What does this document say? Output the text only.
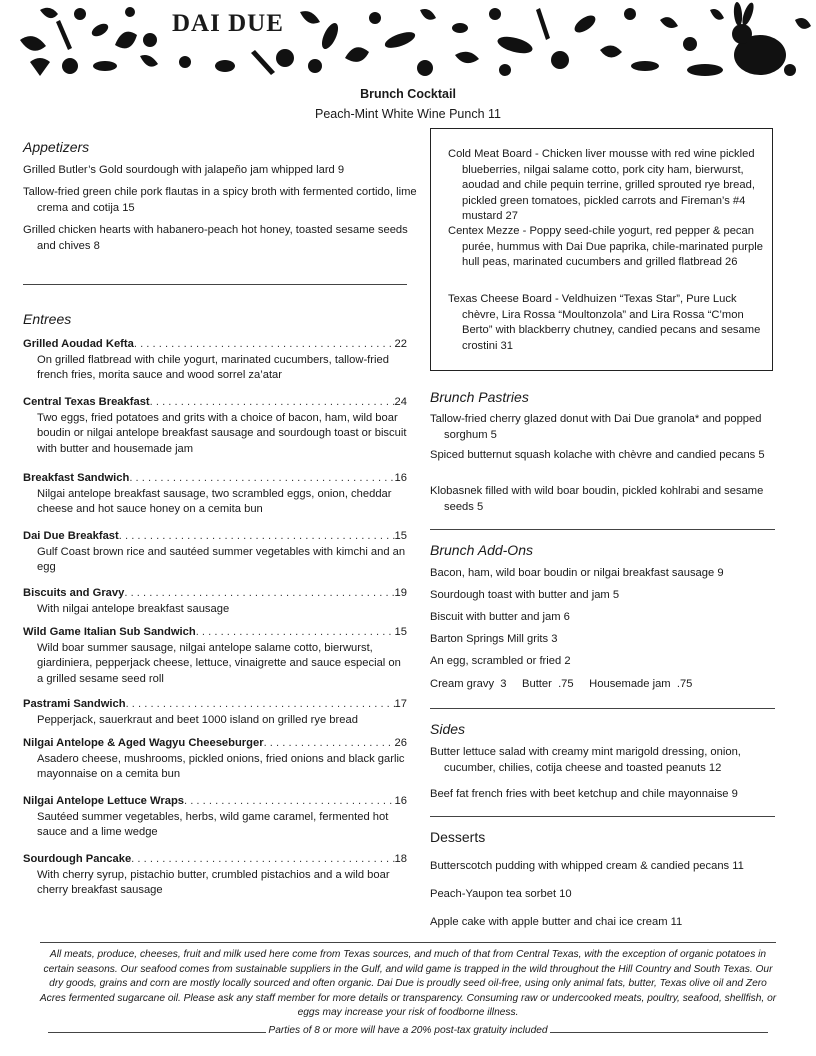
DAI DUE
Brunch Cocktail
Peach-Mint White Wine Punch 11
Appetizers
Grilled Butler’s Gold sourdough with jalapeño jam whipped lard 9
Tallow-fried green chile pork flautas in a spicy broth with fermented cortido, lime crema and cotija 15
Grilled chicken hearts with habanero-peach hot honey, toasted sesame seeds and chives 8
Entrees
Grilled Aoudad Kefta . . .	22
On grilled flatbread with chile yogurt, marinated cucumbers, tallow-fried french fries, morita sauce and wood sorrel za’atar
Central Texas Breakfast . . .	24
Two eggs, fried potatoes and grits with a choice of bacon, ham, wild boar boudin or nilgai antelope breakfast sausage and sourdough toast or biscuit with butter and housemade jam
Breakfast Sandwich . . .	16
Nilgai antelope breakfast sausage, two scrambled eggs, onion, cheddar cheese and hot sauce honey on a cemita bun
Dai Due Breakfast . . .	15
Gulf Coast brown rice and sautéed summer vegetables with kimchi and an egg
Biscuits and Gravy . . .	19
With nilgai antelope breakfast sausage
Wild Game Italian Sub Sandwich . . .	15
Wild boar summer sausage, nilgai antelope salame cotto, bierwurst, giardiniera, pepperjack cheese, lettuce, vinaigrette and sauce especial on a grilled sesame seed roll
Pastrami Sandwich . . .	17
Pepperjack, sauerkraut and beet 1000 island on grilled rye bread
Nilgai Antelope & Aged Wagyu Cheeseburger . . .	26
Asadero cheese, mushrooms, pickled onions, fried onions and black garlic mayonnaise on a cemita bun
Nilgai Antelope Lettuce Wraps . . .	16
Sautéed summer vegetables, herbs, wild game caramel, fermented hot sauce and a lime wedge
Sourdough Pancake . . .	18
With cherry syrup, pistachio butter, crumbled pistachios and a wild boar cherry breakfast sausage
Cold Meat Board - Chicken liver mousse with red wine pickled blueberries, nilgai salame cotto, pork city ham, bierwurst, aoudad and chile pequin terrine, grilled sprouted rye bread, pickled green tomatoes, pickled carrots and Fireman’s #4 mustard 27
Centex Mezze - Poppy seed-chile yogurt, red pepper & pecan purée, hummus with Dai Due paprika, chile-marinated purple hull peas, marinated cucumbers and grilled flatbread 26
Texas Cheese Board - Veldhuizen “Texas Star”, Pure Luck chèvre, Lira Rossa “Moultonzola” and Lira Rossa “C’mon Berto” with blackberry chutney, candied pecans and sesame crostini 31
Brunch Pastries
Tallow-fried cherry glazed donut with Dai Due granola* and popped sorghum 5
Spiced butternut squash kolache with chèvre and candied pecans 5
Klobasnek filled with wild boar boudin, pickled kohlrabi and sesame seeds 5
Brunch Add-Ons
Bacon, ham, wild boar boudin or nilgai breakfast sausage 9
Sourdough toast with butter and jam 5
Biscuit with butter and jam 6
Barton Springs Mill grits 3
An egg, scrambled or fried 2
Cream gravy  3     Butter  .75     Housemade jam  .75
Sides
Butter lettuce salad with creamy mint marigold dressing, onion, cucumber, chilies, cotija cheese and toasted peanuts 12
Beef fat french fries with beet ketchup and chile mayonnaise 9
Desserts
Butterscotch pudding with whipped cream & candied pecans 11
Peach-Yaupon tea sorbet 10
Apple cake with apple butter and chai ice cream 11
All meats, produce, cheeses, fruit and milk used here come from Texas sources, and much of that from Central Texas, with the exception of organic potatoes in certain seasons. Our seafood comes from sustainable suppliers in the Gulf, and wild game is trapped in the wild throughout the Hill Country and South Texas. Our dry goods, grains and corn are mostly locally sourced and often organic. Dai Due is proudly seed oil-free, using only animal fats, butter, Texas olive oil and Zero Acres fermented sugarcane oil. Please ask any staff member for more details or transparency. Consuming raw or undercooked meats, poultry, seafood, shellfish, or eggs may increase your risk of foodborne illness.
Parties of 8 or more will have a 20% post-tax gratuity included
